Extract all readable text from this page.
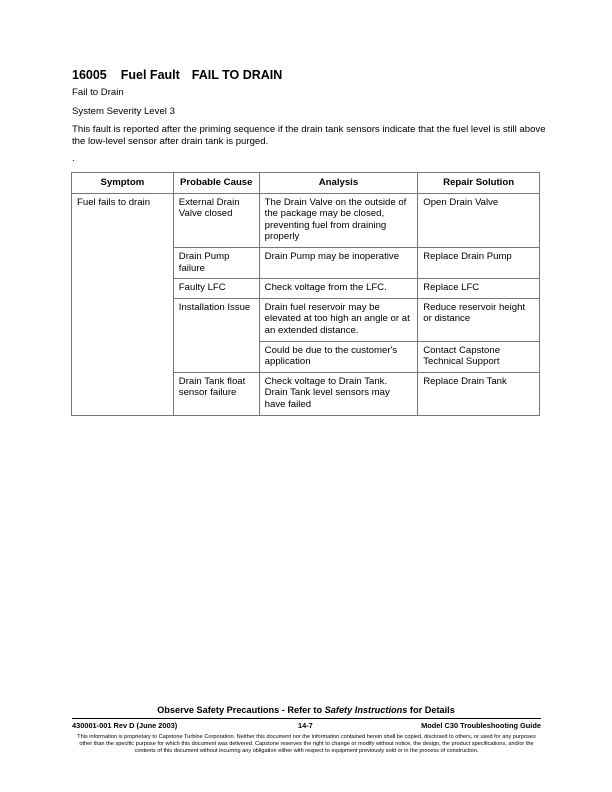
16005 Fuel Fault FAIL TO DRAIN
Fail to Drain
System Severity Level 3
This fault is reported after the priming sequence if the drain tank sensors indicate that the fuel level is still above the low-level sensor after drain tank is purged.
.
Symptom	Probable Cause	Analysis	Repair Solution
Fuel fails to drain	External Drain Valve closed	The Drain Valve on the outside of the package may be closed, preventing fuel from draining properly	Open Drain Valve
	Drain Pump failure	Drain Pump may be inoperative	Replace Drain Pump
	Faulty LFC	Check voltage from the LFC.	Replace LFC
	Installation Issue	Drain fuel reservoir may be elevated at too high an angle or at an extended distance.	Reduce reservoir height or distance
		Could be due to the customer's application	Contact Capstone Technical Support
	Drain Tank float sensor failure	Check voltage to Drain Tank. Drain Tank level sensors may have failed	Replace Drain Tank
Observe Safety Precautions - Refer to Safety Instructions for Details
430001-001 Rev D (June 2003)	14-7	Model C30 Troubleshooting Guide
This information is proprietary to Capstone Turbine Corporation. Neither this document nor the information contained herein shall be copied, disclosed to others, or used for any purposes other than the specific purpose for which this document was delivered. Capstone reserves the right to change or modify without notice, the design, the product specifications, and/or the contents of this document without incurring any obligation either with respect to equipment previously sold or in the process of construction.
